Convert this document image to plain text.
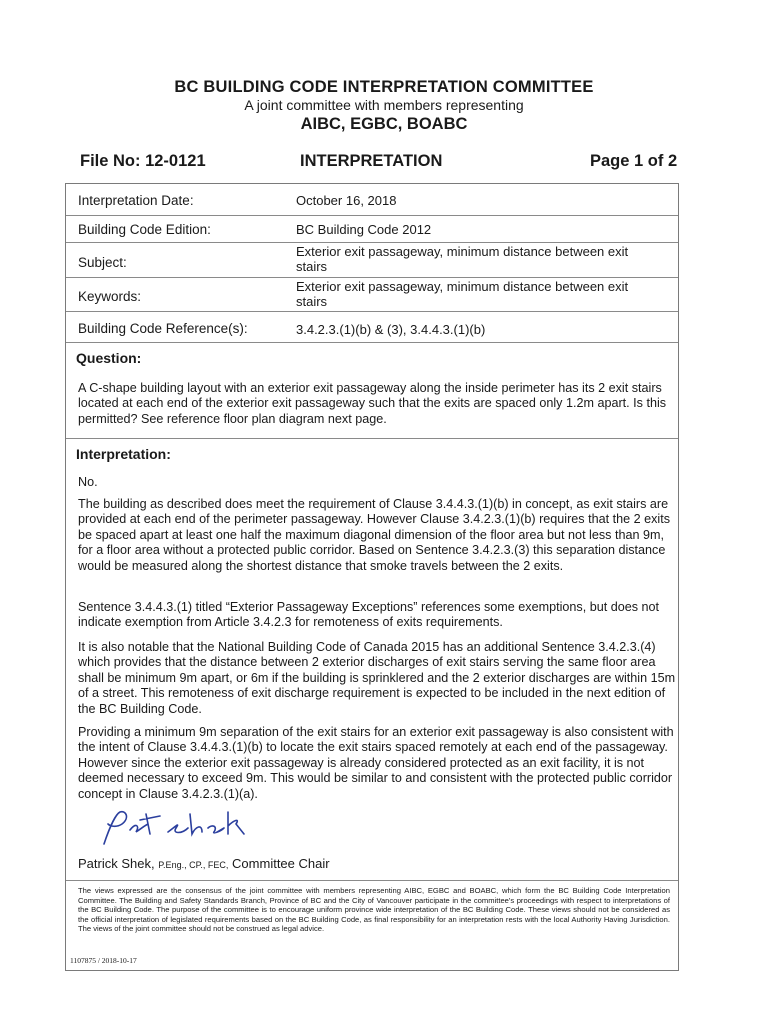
BC BUILDING CODE INTERPRETATION COMMITTEE
A joint committee with members representing
AIBC, EGBC, BOABC
File No: 12-0121	INTERPRETATION	Page 1 of 2
Interpretation Date:	October 16, 2018
Building Code Edition:	BC Building Code 2012
Subject:
Exterior exit passageway, minimum distance between exit stairs
Keywords:
Exterior exit passageway, minimum distance between exit stairs
Building Code Reference(s):	3.4.2.3.(1)(b) & (3), 3.4.4.3.(1)(b)
Question:
A C-shape building layout with an exterior exit passageway along the inside perimeter has its 2 exit stairs located at each end of the exterior exit passageway such that the exits are spaced only 1.2m apart. Is this permitted? See reference floor plan diagram next page.
Interpretation:
No.
The building as described does meet the requirement of Clause 3.4.4.3.(1)(b) in concept, as exit stairs are provided at each end of the perimeter passageway. However Clause 3.4.2.3.(1)(b) requires that the 2 exits be spaced apart at least one half the maximum diagonal dimension of the floor area but not less than 9m, for a floor area without a protected public corridor. Based on Sentence 3.4.2.3.(3) this separation distance would be measured along the shortest distance that smoke travels between the 2 exits.
Sentence 3.4.4.3.(1) titled “Exterior Passageway Exceptions” references some exemptions, but does not indicate exemption from Article 3.4.2.3 for remoteness of exits requirements.
It is also notable that the National Building Code of Canada 2015 has an additional Sentence 3.4.2.3.(4) which provides that the distance between 2 exterior discharges of exit stairs serving the same floor area shall be minimum 9m apart, or 6m if the building is sprinklered and the 2 exterior discharges are within 15m of a street. This remoteness of exit discharge requirement is expected to be included in the next edition of the BC Building Code.
Providing a minimum 9m separation of the exit stairs for an exterior exit passageway is also consistent with the intent of Clause 3.4.4.3.(1)(b) to locate the exit stairs spaced remotely at each end of the passageway. However since the exterior exit passageway is already considered protected as an exit facility, it is not deemed necessary to exceed 9m. This would be similar to and consistent with the protected public corridor concept in Clause 3.4.2.3.(1)(a).
Pat Shek
Patrick Shek, P.Eng., CP., FEC, Committee Chair
The views expressed are the consensus of the joint committee with members representing AIBC, EGBC and BOABC, which form the BC Building Code Interpretation Committee. The Building and Safety Standards Branch, Province of BC and the City of Vancouver participate in the committee's proceedings with respect to interpretations of the BC Building Code. The purpose of the committee is to encourage uniform province wide interpretation of the BC Building Code. These views should not be considered as the official interpretation of legislated requirements based on the BC Building Code, as final responsibility for an interpretation rests with the local Authority Having Jurisdiction. The views of the joint committee should not be construed as legal advice.
1107875 / 2018-10-17
